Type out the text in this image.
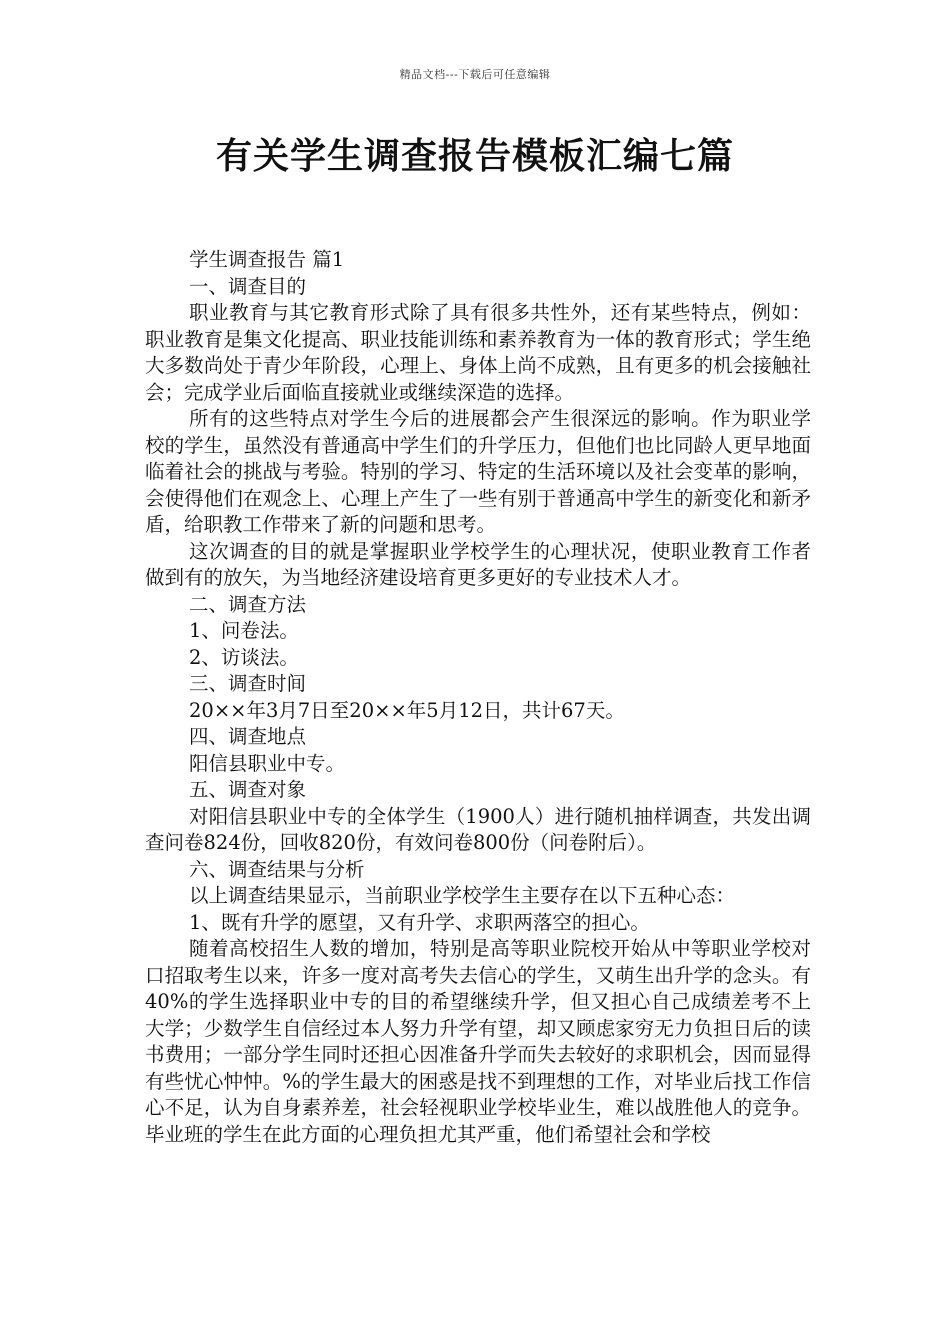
精品文档---下载后可任意编辑
有关学生调查报告模板汇编七篇

学生调查报告 篇1

一、调查目的

职业教育与其它教育形式除了具有很多共性外，还有某些特点，例如：职业教育是集文化提高、职业技能训练和素养教育为一体的教育形式；学生绝大多数尚处于青少年阶段，心理上、身体上尚不成熟，且有更多的机会接触社会；完成学业后面临直接就业或继续深造的选择。

所有的这些特点对学生今后的进展都会产生很深远的影响。作为职业学校的学生，虽然没有普通高中学生们的升学压力，但他们也比同龄人更早地面临着社会的挑战与考验。特别的学习、特定的生活环境以及社会变革的影响，会使得他们在观念上、心理上产生了一些有别于普通高中学生的新变化和新矛盾，给职教工作带来了新的问题和思考。

这次调查的目的就是掌握职业学校学生的心理状况，使职业教育工作者做到有的放矢，为当地经济建设培育更多更好的专业技术人才。

二、调查方法

1、问卷法。

2、访谈法。

三、调查时间

20××年3月7日至20××年5月12日，共计67天。

四、调查地点

阳信县职业中专。

五、调查对象

对阳信县职业中专的全体学生（1900人）进行随机抽样调查，共发出调查问卷824份，回收820份，有效问卷800份（问卷附后）。

六、调查结果与分析

以上调查结果显示，当前职业学校学生主要存在以下五种心态：

1、既有升学的愿望，又有升学、求职两落空的担心。

随着高校招生人数的增加，特别是高等职业院校开始从中等职业学校对口招取考生以来，许多一度对高考失去信心的学生，又萌生出升学的念头。有40%的学生选择职业中专的目的希望继续升学，但又担心自己成绩差考不上大学；少数学生自信经过本人努力升学有望，却又顾虑家穷无力负担日后的读书费用；一部分学生同时还担心因准备升学而失去较好的求职机会，因而显得有些忧心忡忡。%的学生最大的困惑是找不到理想的工作，对毕业后找工作信心不足，认为自身素养差，社会轻视职业学校毕业生，难以战胜他人的竞争。毕业班的学生在此方面的心理负担尤其严重，他们希望社会和学校
